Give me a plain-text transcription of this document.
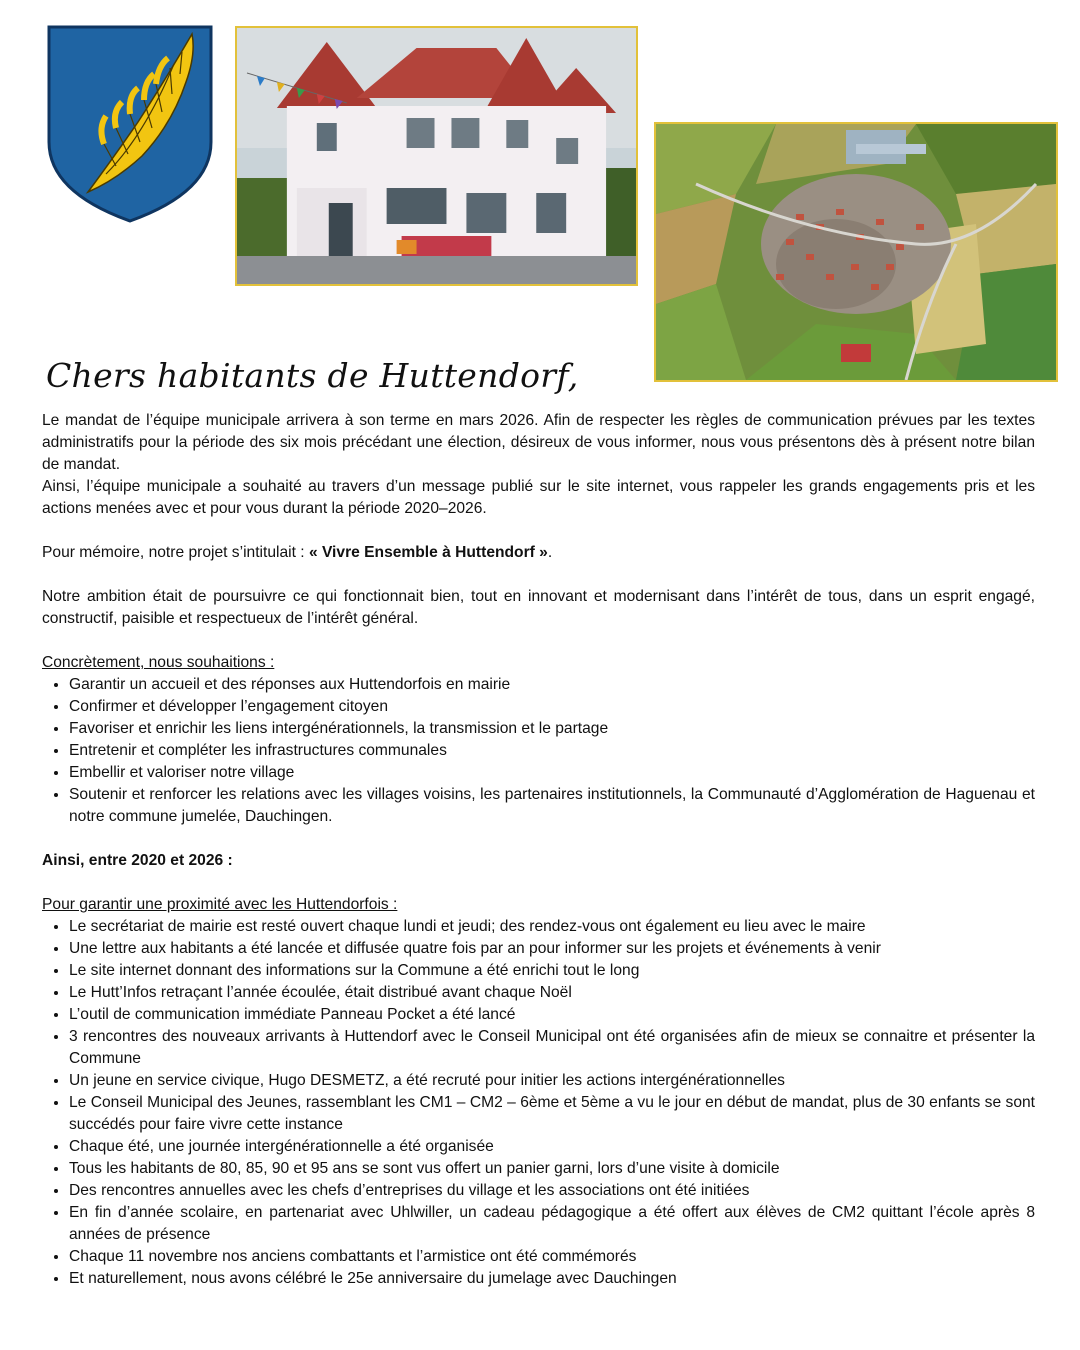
Chers habitants de Huttendorf,

Le mandat de l’équipe municipale arrivera à son terme en mars 2026. Afin de respecter les règles de communication prévues par les textes administratifs pour la période des six mois précédant une élection, désireux de vous informer, nous vous présentons dès à présent notre bilan de mandat.

Ainsi, l’équipe municipale a souhaité au travers d’un message publié sur le site internet, vous rappeler les grands engagements pris et les actions menées avec et pour vous durant la période 2020–2026.

Pour mémoire, notre projet s’intitulait : « Vivre Ensemble à Huttendorf ».

Notre ambition était de poursuivre ce qui fonctionnait bien, tout en innovant et modernisant dans l’intérêt de tous, dans un esprit engagé, constructif, paisible et respectueux de l’intérêt général.

Concrètement, nous souhaitions :

• Garantir un accueil et des réponses aux Huttendorfois en mairie
• Confirmer et développer l’engagement citoyen
• Favoriser et enrichir les liens intergénérationnels, la transmission et le partage
• Entretenir et compléter les infrastructures communales
• Embellir et valoriser notre village
• Soutenir et renforcer les relations avec les villages voisins, les partenaires institutionnels, la Communauté d’Agglomération de Haguenau et notre commune jumelée, Dauchingen.

Ainsi, entre 2020 et 2026 :

Pour garantir une proximité avec les Huttendorfois :

• Le secrétariat de mairie est resté ouvert chaque lundi et jeudi; des rendez-vous ont également eu lieu avec le maire
• Une lettre aux habitants a été lancée et diffusée quatre fois par an pour informer sur les projets et événements à venir
• Le site internet donnant des informations sur la Commune a été enrichi tout le long
• Le Hutt’Infos retraçant l’année écoulée, était distribué avant chaque Noël
• L’outil de communication immédiate Panneau Pocket a été lancé
• 3 rencontres des nouveaux arrivants à Huttendorf avec le Conseil Municipal ont été organisées afin de mieux se connaitre et présenter la Commune
• Un jeune en service civique, Hugo DESMETZ, a été recruté pour initier les actions intergénérationnelles
• Le Conseil Municipal des Jeunes, rassemblant les CM1 – CM2 – 6ème et 5ème a vu le jour en début de mandat, plus de 30 enfants se sont succédés pour faire vivre cette instance
• Chaque été, une journée intergénérationnelle a été organisée
• Tous les habitants de 80, 85, 90 et 95 ans se sont vus offert un panier garni, lors d’une visite à domicile
• Des rencontres annuelles avec les chefs d’entreprises du village et les associations ont été initiées
• En fin d’année scolaire, en partenariat avec Uhlwiller, un cadeau pédagogique a été offert aux élèves de CM2 quittant l’école après 8 années de présence
• Chaque 11 novembre nos anciens combattants et l’armistice ont été commémorés
• Et naturellement, nous avons célébré le 25e anniversaire du jumelage avec Dauchingen
